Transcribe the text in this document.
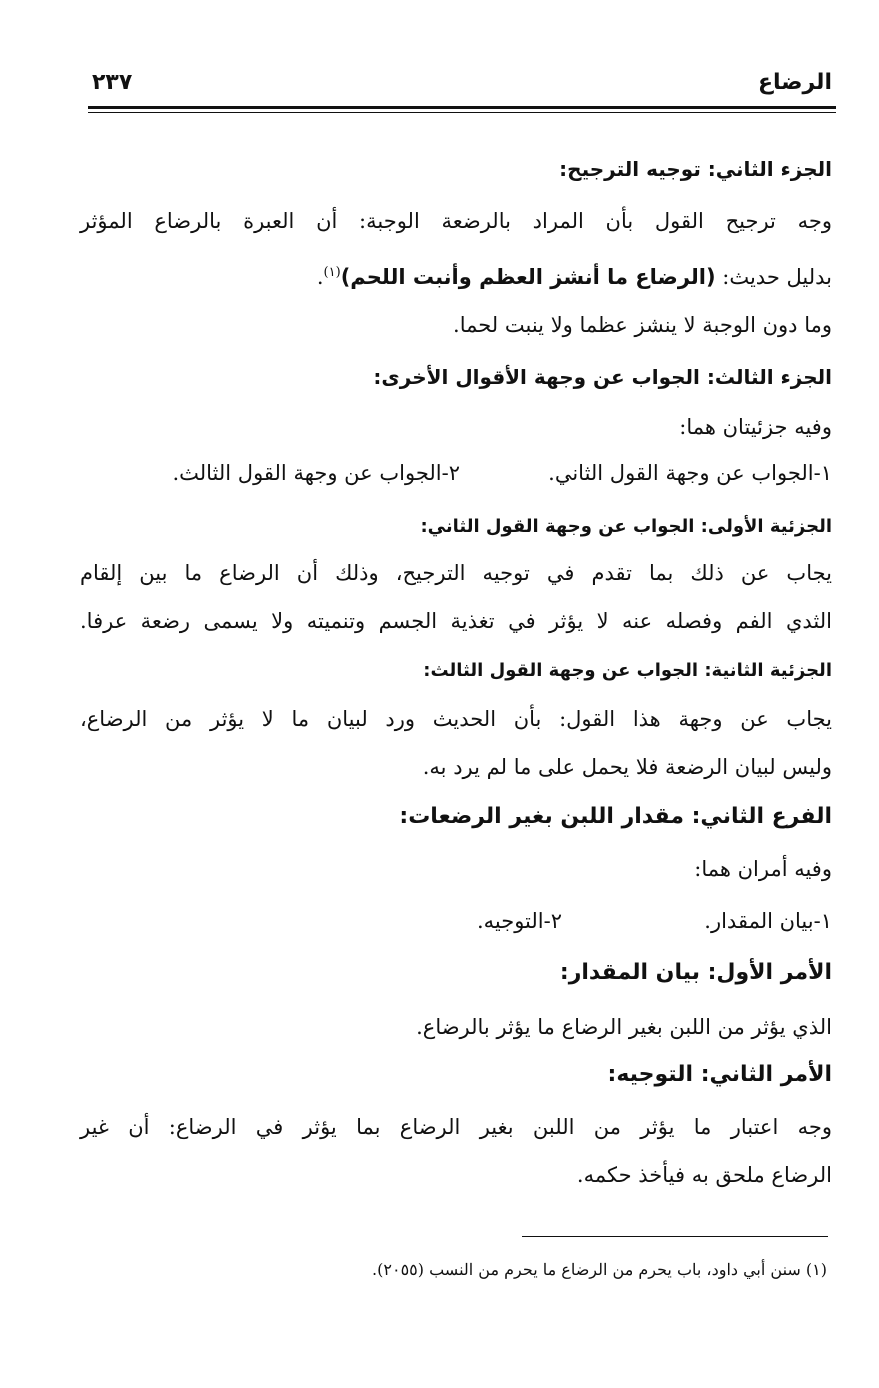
الرضاع
٢٣٧
الجزء الثاني: توجيه الترجيح:
وجه ترجيح القول بأن المراد بالرضعة الوجبة: أن العبرة بالرضاع المؤثر
بدليل حديث: (الرضاع ما أنشز العظم وأنبت اللحم)$^{(١)}$.
وما دون الوجبة لا ينشز عظما ولا ينبت لحما.
الجزء الثالث: الجواب عن وجهة الأقوال الأخرى:
وفيه جزئيتان هما:
١-الجواب عن وجهة القول الثاني.
٢-الجواب عن وجهة القول الثالث.
الجزئية الأولى: الجواب عن وجهة القول الثاني:
يجاب عن ذلك بما تقدم في توجيه الترجيح، وذلك أن الرضاع ما بين إلقام
الثدي الفم وفصله عنه لا يؤثر في تغذية الجسم وتنميته ولا يسمى رضعة عرفا.
الجزئية الثانية: الجواب عن وجهة القول الثالث:
يجاب عن وجهة هذا القول: بأن الحديث ورد لبيان ما لا يؤثر من الرضاع،
وليس لبيان الرضعة فلا يحمل على ما لم يرد به.
الفرع الثاني: مقدار اللبن بغير الرضعات:
وفيه أمران هما:
١-بيان المقدار.
٢-التوجيه.
الأمر الأول: بيان المقدار:
الذي يؤثر من اللبن بغير الرضاع ما يؤثر بالرضاع.
الأمر الثاني: التوجيه:
وجه اعتبار ما يؤثر من اللبن بغير الرضاع بما يؤثر في الرضاع: أن غير
الرضاع ملحق به فيأخذ حكمه.
(١) سنن أبي داود، باب يحرم من الرضاع ما يحرم من النسب (٢٠٥٥).
